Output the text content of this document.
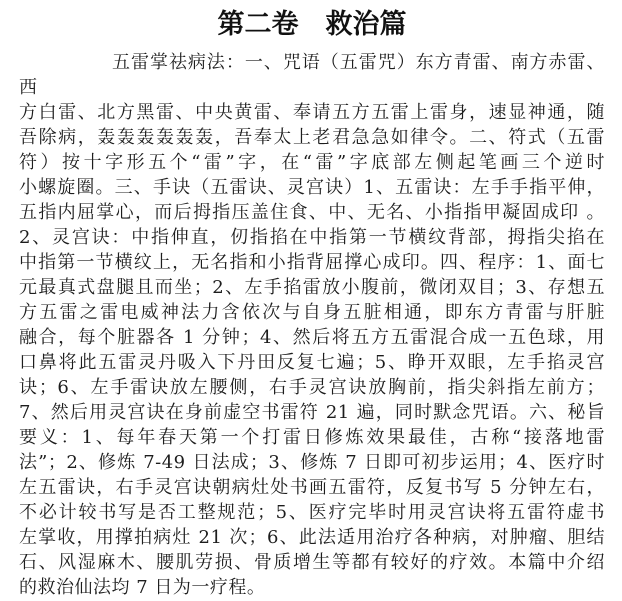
第二卷　救治篇
五雷掌祛病法：一、咒语（五雷咒）东方青雷、南方赤雷、西
方白雷、北方黑雷、中央黄雷、奉请五方五雷上雷身，速显神通，随
吾除病，轰轰轰轰轰轰，吾奉太上老君急急如律令。二、符式（五雷
符）按十字形五个“雷”字，在“雷”字底部左侧起笔画三个逆时
小螺旋圈。三、手诀（五雷诀、灵宫诀）1、五雷诀：左手手指平伸，
五指内屈掌心，而后拇指压盖住食、中、无名、小指指甲凝固成印 。
2、灵宫诀：中指伸直，仞指掐在中指第一节横纹背部，拇指尖掐在
中指第一节横纹上，无名指和小指背屈撑心成印。四、程序：1、面七
元最真式盘腿且而坐；2、左手掐雷放小腹前，微闭双目；3、存想五
方五雷之雷电威神法力含依次与自身五脏相通，即东方青雷与肝脏
融合，每个脏器各 1 分钟；4、然后将五方五雷混合成一五色球，用
口鼻将此五雷灵丹吸入下丹田反复七遍；5、睁开双眼，左手掐灵宫
诀；6、左手雷诀放左腰侧，右手灵宫诀放胸前，指尖斜指左前方；
7、然后用灵宫诀在身前虚空书雷符 21 遍，同时默念咒语。六、秘旨
要义：1、每年春天第一个打雷日修炼效果最佳，古称“接落地雷
法”；2、修炼 7-49 日法成；3、修炼 7 日即可初步运用；4、医疗时
左五雷诀，右手灵宫诀朝病灶处书画五雷符，反复书写 5 分钟左右，
不必计较书写是否工整规范；5、医疗完毕时用灵宫诀将五雷符虚书
左掌收，用撑拍病灶 21 次；6、此法适用治疗各种病，对肿瘤、胆结
石、风湿麻木、腰肌劳损、骨质增生等都有较好的疗效。本篇中介绍
的救治仙法均 7 日为一疗程。
